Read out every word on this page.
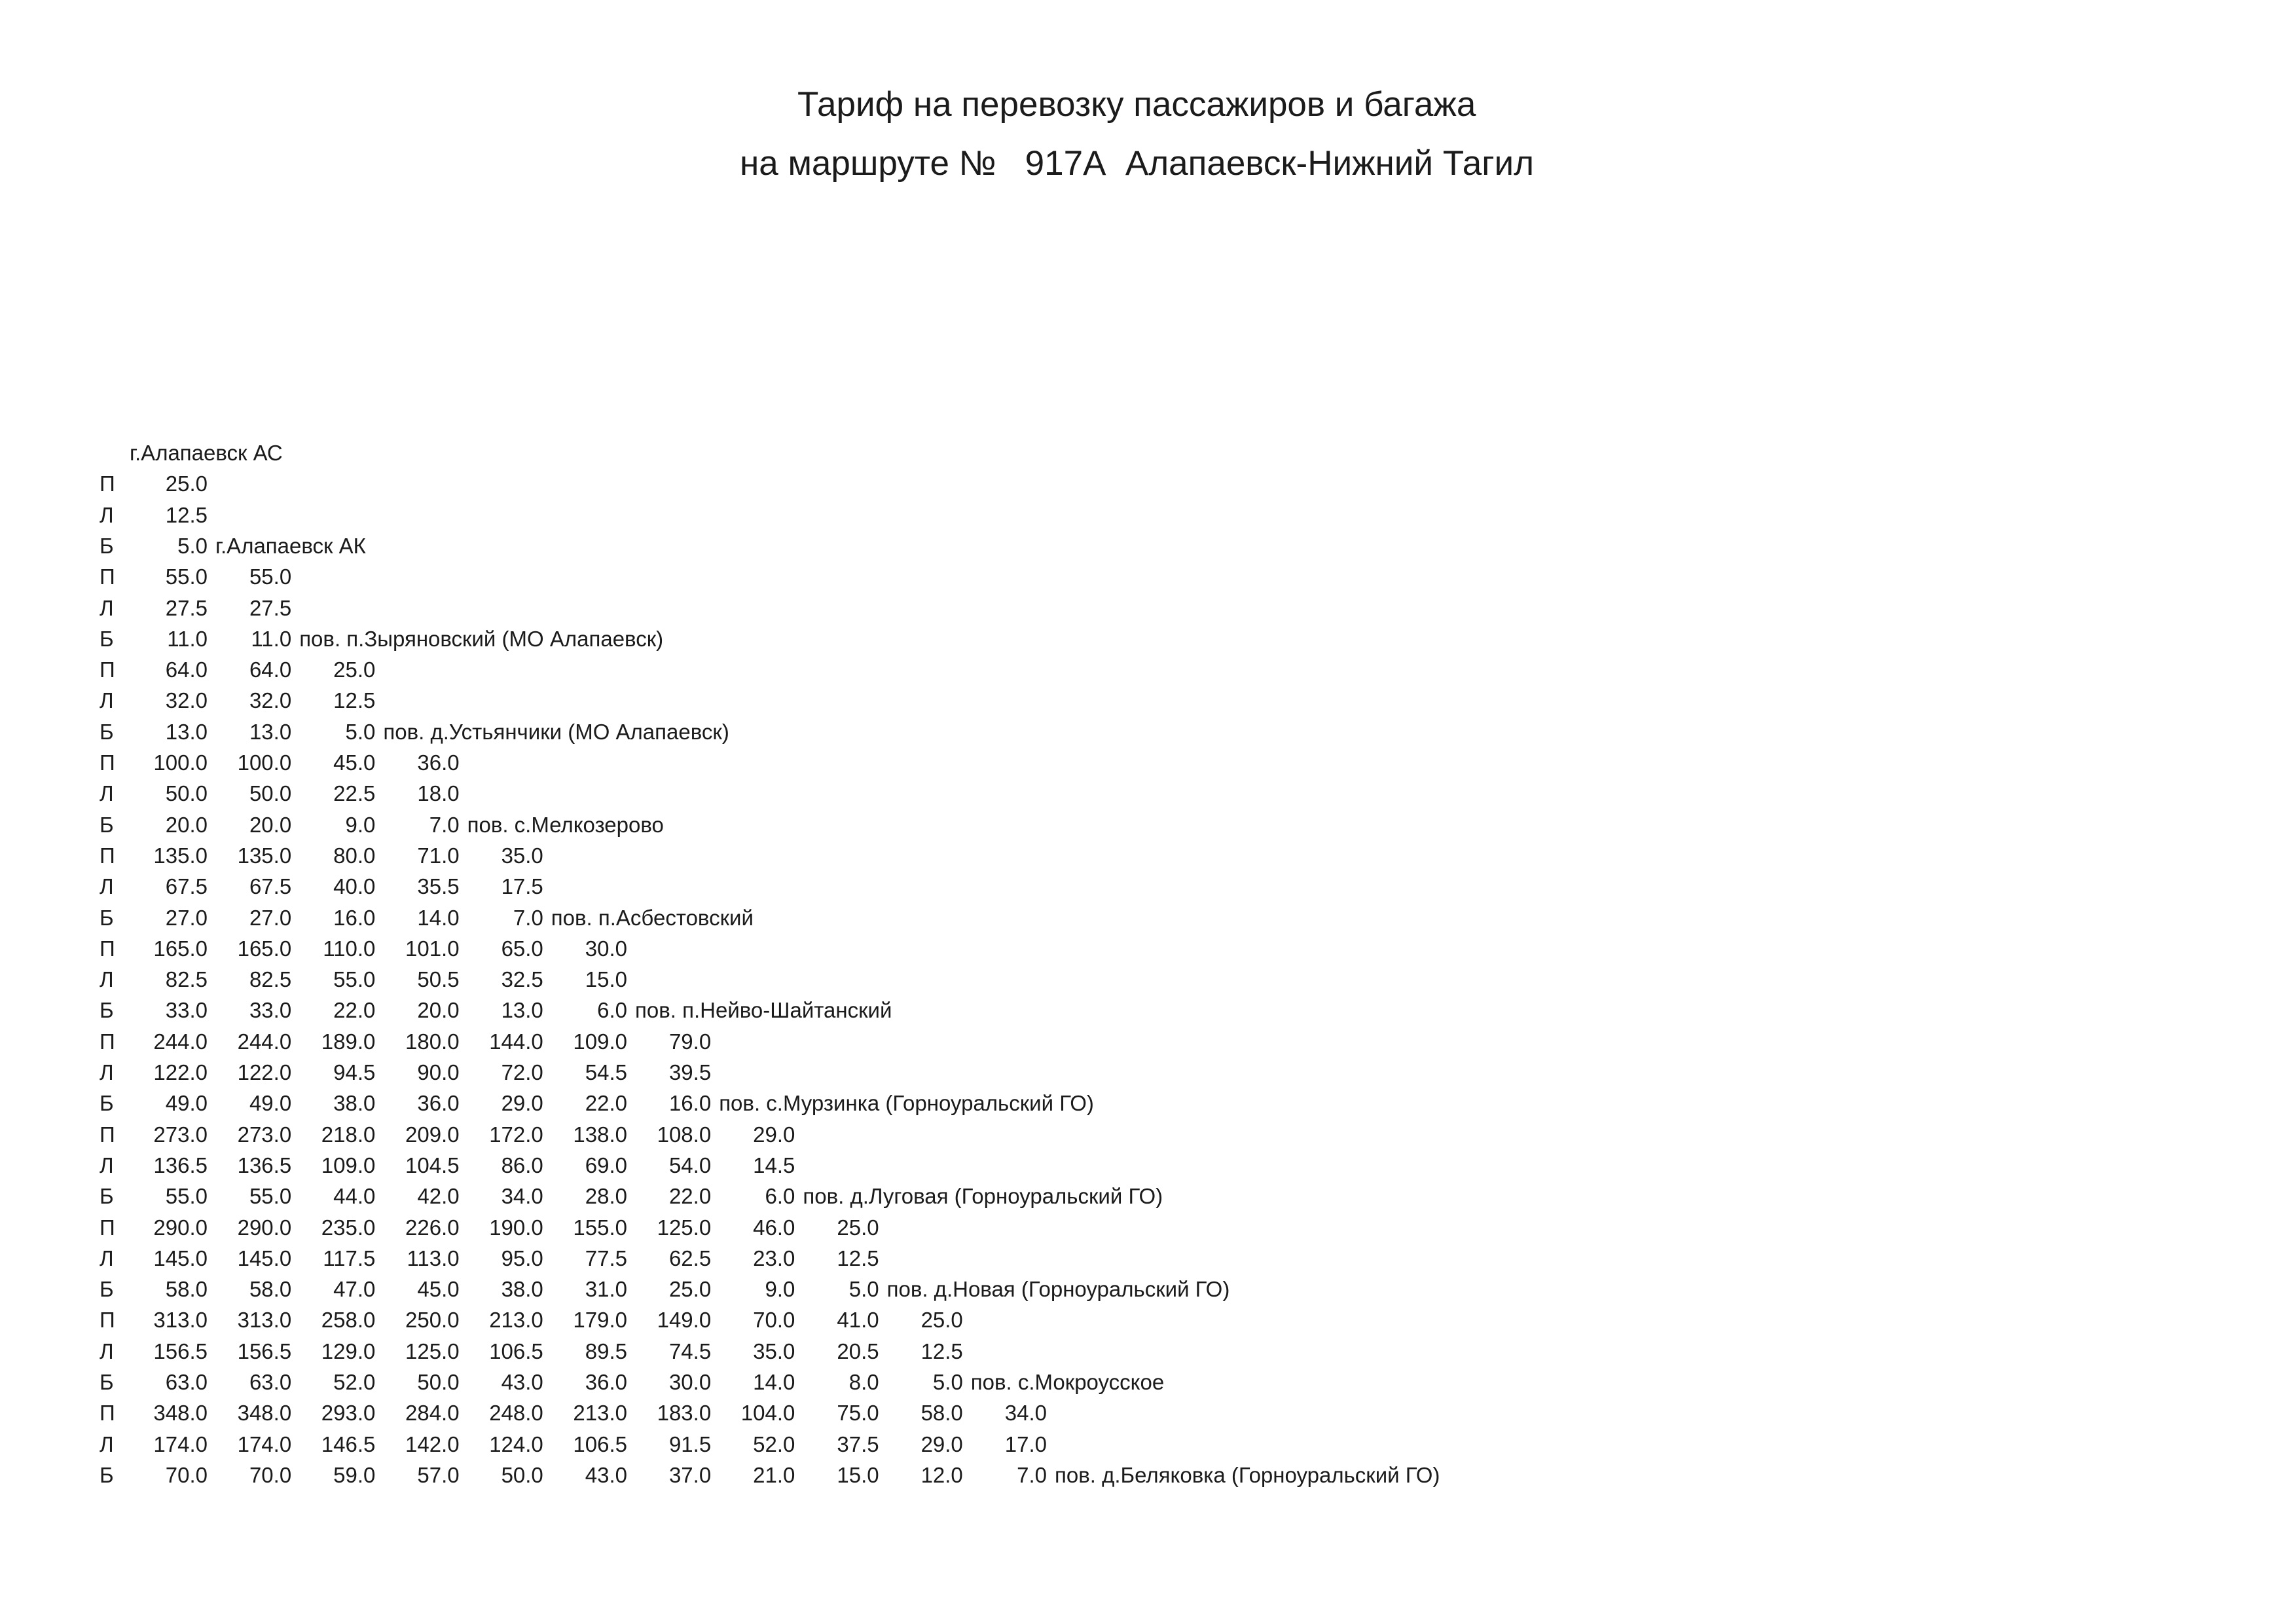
Тариф на перевозку пассажиров и багажа
на маршруте №   917А  Алапаевск-Нижний Тагил
г.Алапаевск АС
П	25.0
Л	12.5
Б	5.0 г.Алапаевск АК
П	55.0	55.0
Л	27.5	27.5
Б	11.0	11.0 пов. п.Зыряновский (МО Алапаевск)
П	64.0	64.0	25.0
Л	32.0	32.0	12.5
Б	13.0	13.0	5.0 пов. д.Устьянчики (МО Алапаевск)
П	100.0	100.0	45.0	36.0
Л	50.0	50.0	22.5	18.0
Б	20.0	20.0	9.0	7.0 пов. с.Мелкозерово
П	135.0	135.0	80.0	71.0	35.0
Л	67.5	67.5	40.0	35.5	17.5
Б	27.0	27.0	16.0	14.0	7.0 пов. п.Асбестовский
П	165.0	165.0	110.0	101.0	65.0	30.0
Л	82.5	82.5	55.0	50.5	32.5	15.0
Б	33.0	33.0	22.0	20.0	13.0	6.0 пов. п.Нейво-Шайтанский
П	244.0	244.0	189.0	180.0	144.0	109.0	79.0
Л	122.0	122.0	94.5	90.0	72.0	54.5	39.5
Б	49.0	49.0	38.0	36.0	29.0	22.0	16.0 пов. с.Мурзинка (Горноуральский ГО)
П	273.0	273.0	218.0	209.0	172.0	138.0	108.0	29.0
Л	136.5	136.5	109.0	104.5	86.0	69.0	54.0	14.5
Б	55.0	55.0	44.0	42.0	34.0	28.0	22.0	6.0 пов. д.Луговая (Горноуральский ГО)
П	290.0	290.0	235.0	226.0	190.0	155.0	125.0	46.0	25.0
Л	145.0	145.0	117.5	113.0	95.0	77.5	62.5	23.0	12.5
Б	58.0	58.0	47.0	45.0	38.0	31.0	25.0	9.0	5.0 пов. д.Новая (Горноуральский ГО)
П	313.0	313.0	258.0	250.0	213.0	179.0	149.0	70.0	41.0	25.0
Л	156.5	156.5	129.0	125.0	106.5	89.5	74.5	35.0	20.5	12.5
Б	63.0	63.0	52.0	50.0	43.0	36.0	30.0	14.0	8.0	5.0 пов. с.Мокроусское
П	348.0	348.0	293.0	284.0	248.0	213.0	183.0	104.0	75.0	58.0	34.0
Л	174.0	174.0	146.5	142.0	124.0	106.5	91.5	52.0	37.5	29.0	17.0
Б	70.0	70.0	59.0	57.0	50.0	43.0	37.0	21.0	15.0	12.0	7.0 пов. д.Беляковка (Горноуральский ГО)
